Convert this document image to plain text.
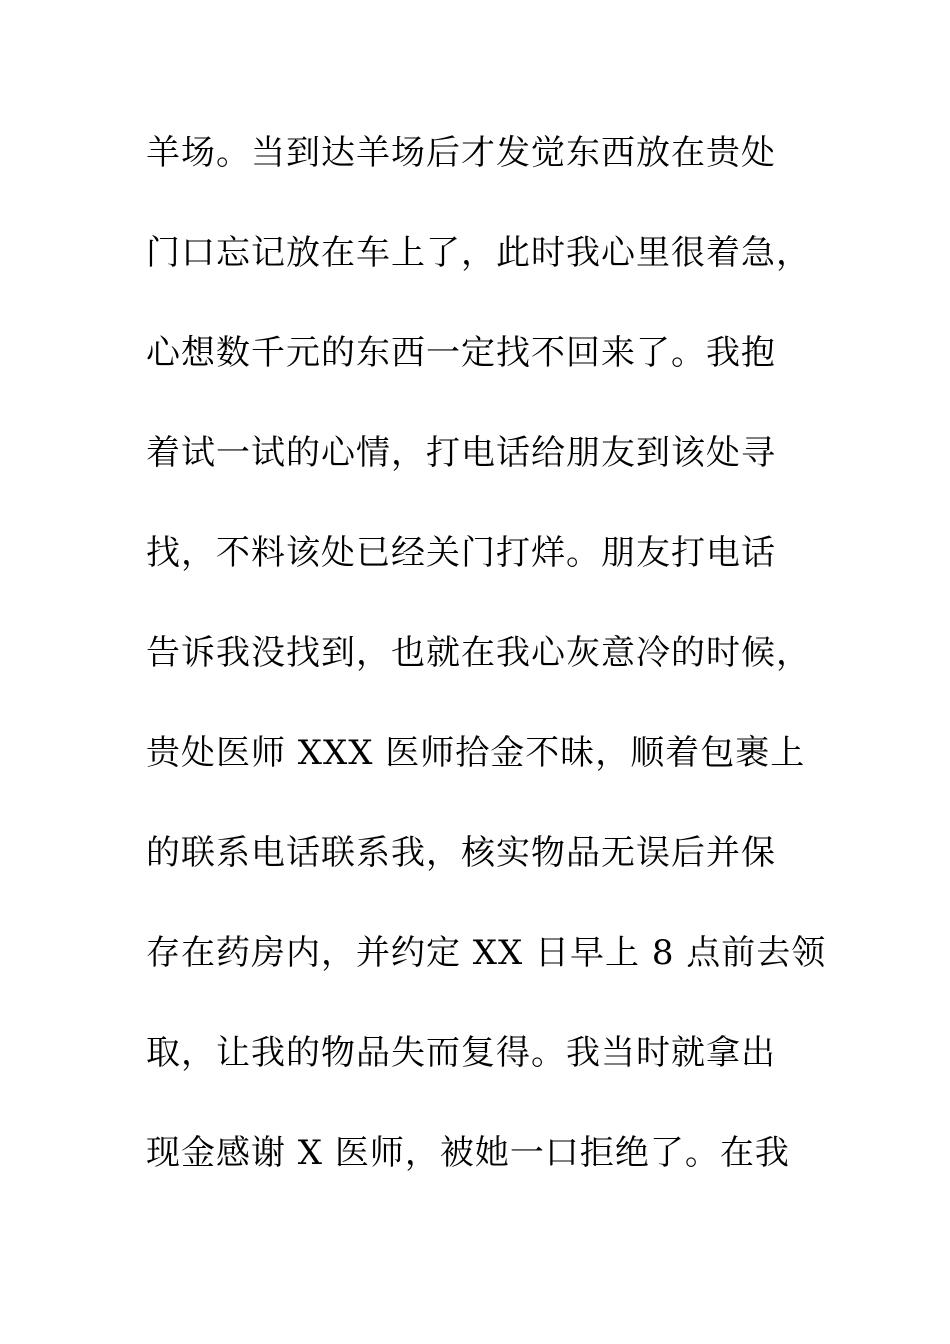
羊场。当到达羊场后才发觉东西放在贵处
门口忘记放在车上了，此时我心里很着急，
心想数千元的东西一定找不回来了。我抱
着试一试的心情，打电话给朋友到该处寻
找，不料该处已经关门打烊。朋友打电话
告诉我没找到，也就在我心灰意冷的时候，
贵处医师 XXX 医师拾金不昧，顺着包裹上
的联系电话联系我，核实物品无误后并保
存在药房内，并约定 XX 日早上 8 点前去领
取，让我的物品失而复得。我当时就拿出
现金感谢 X 医师，被她一口拒绝了。在我
